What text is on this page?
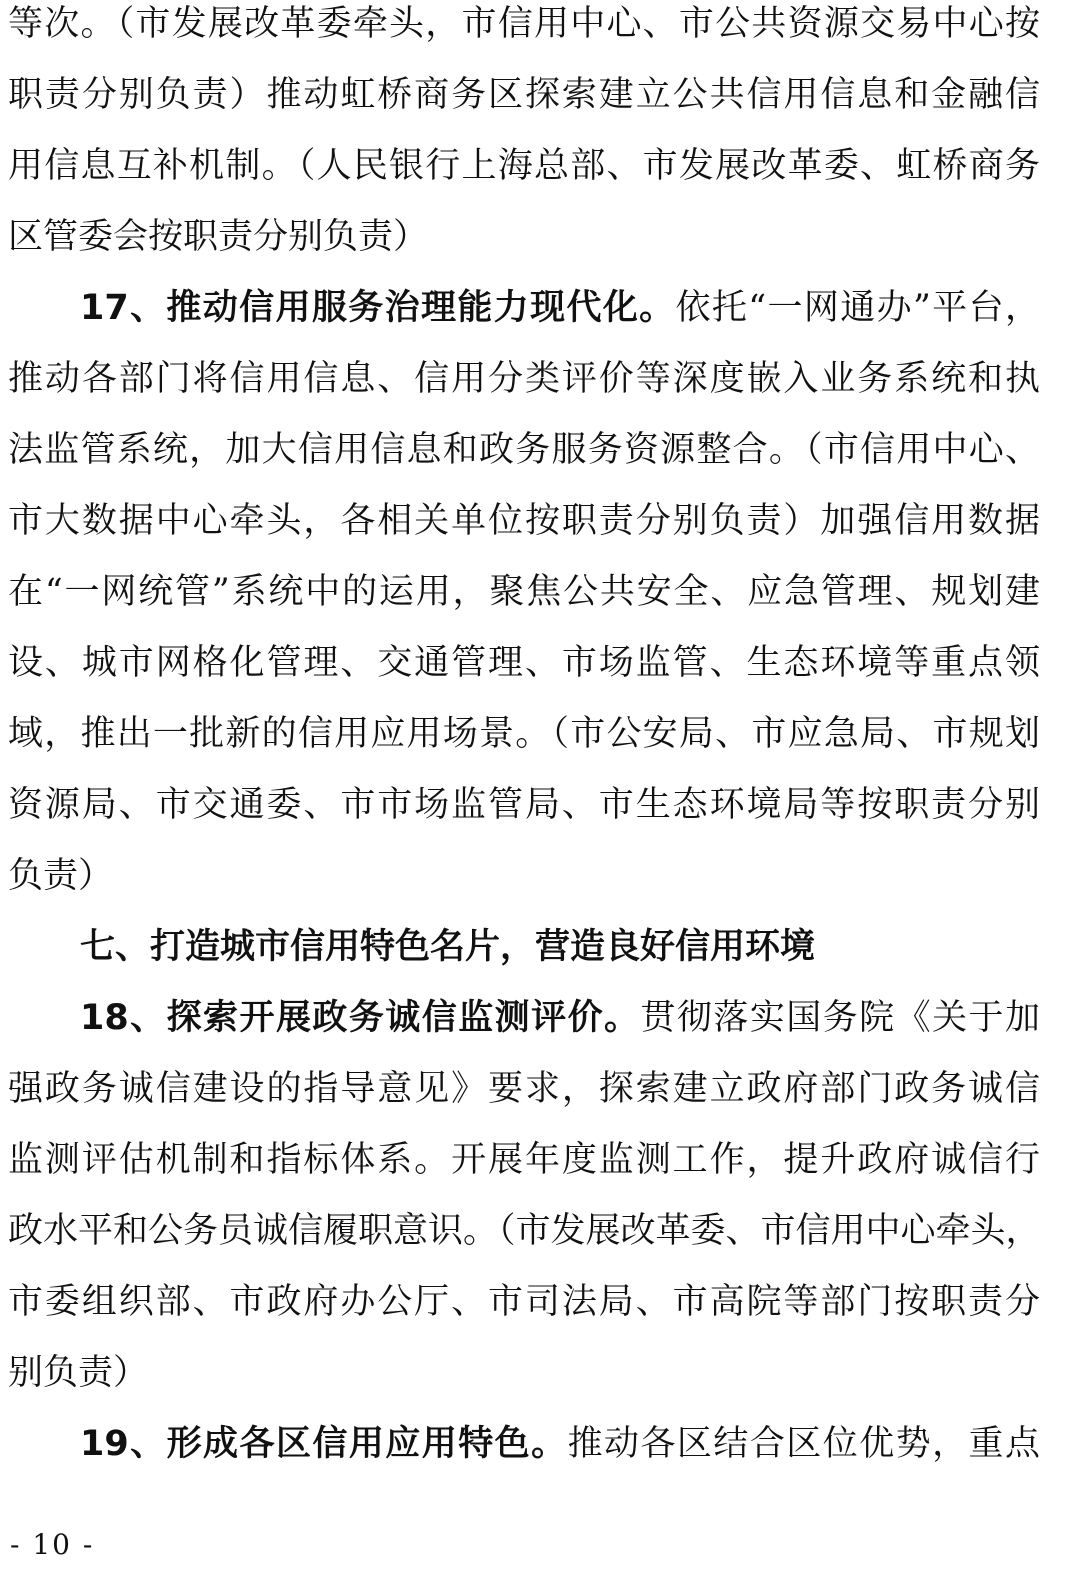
等次。（市发展改革委牵头，市信用中心、市公共资源交易中心按
职责分别负责）推动虹桥商务区探索建立公共信用信息和金融信
用信息互补机制。（人民银行上海总部、市发展改革委、虹桥商务
区管委会按职责分别负责）
17、推动信用服务治理能力现代化。依托“一网通办”平台，
推动各部门将信用信息、信用分类评价等深度嵌入业务系统和执
法监管系统，加大信用信息和政务服务资源整合。（市信用中心、
市大数据中心牵头，各相关单位按职责分别负责）加强信用数据
在“一网统管”系统中的运用，聚焦公共安全、应急管理、规划建
设、城市网格化管理、交通管理、市场监管、生态环境等重点领
域，推出一批新的信用应用场景。（市公安局、市应急局、市规划
资源局、市交通委、市市场监管局、市生态环境局等按职责分别
负责）
七、打造城市信用特色名片，营造良好信用环境
18、探索开展政务诚信监测评价。贯彻落实国务院《关于加
强政务诚信建设的指导意见》要求，探索建立政府部门政务诚信
监测评估机制和指标体系。开展年度监测工作，提升政府诚信行
政水平和公务员诚信履职意识。（市发展改革委、市信用中心牵头，
市委组织部、市政府办公厅、市司法局、市高院等部门按职责分
别负责）
19、形成各区信用应用特色。推动各区结合区位优势，重点
- 10 -
